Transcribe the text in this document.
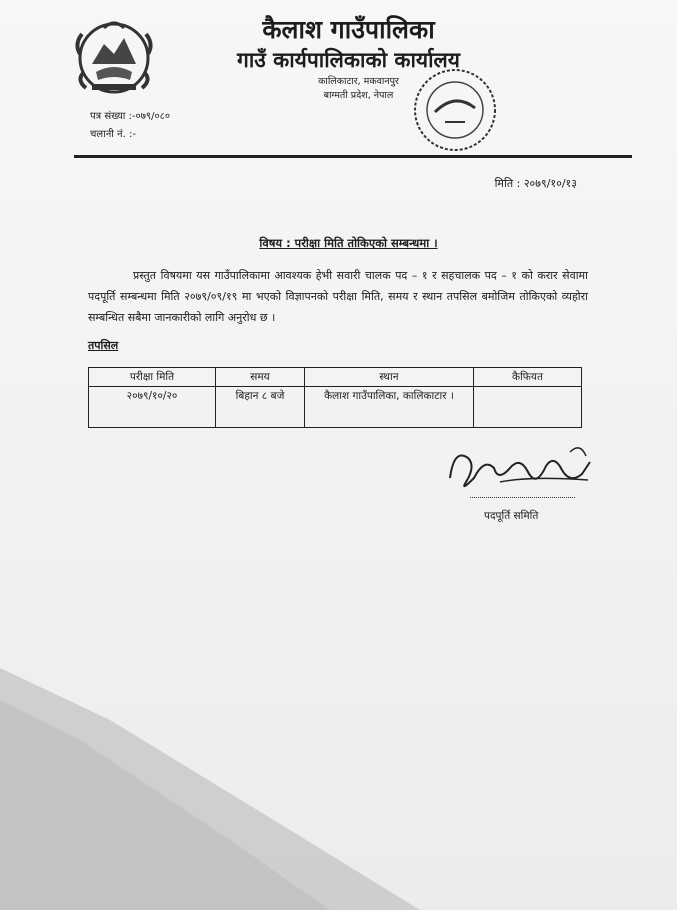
कैलाश गाउँपालिका
गाउँ कार्यपालिकाको कार्यालय
कालिकाटार, मकवानपुर
बाग्मती प्रदेश, नेपाल
पत्र संख्या :-०७९/०८०
चलानी नं. :-
मिति : २०७९/१०/१३
विषय : परीक्षा मिति तोकिएको सम्बन्धमा ।
प्रस्तुत विषयमा यस गाउँपालिकामा आवश्यक हेभी सवारी चालक पद – १ र सहचालक पद – १ को करार सेवामा पदपूर्ति सम्बन्धमा मिति २०७९/०९/१९ मा भएको विज्ञापनको परीक्षा मिति, समय र स्थान तपसिल बमोजिम तोकिएको व्यहोरा सम्बन्धित सबैमा जानकारीको लागि अनुरोध छ ।
तपसिल
परीक्षा मिति	समय	स्थान	कैफियत
२०७९/१०/२०	बिहान ८ बजे	कैलाश गाउँपालिका, कालिकाटार ।	
पदपूर्ति समिति
